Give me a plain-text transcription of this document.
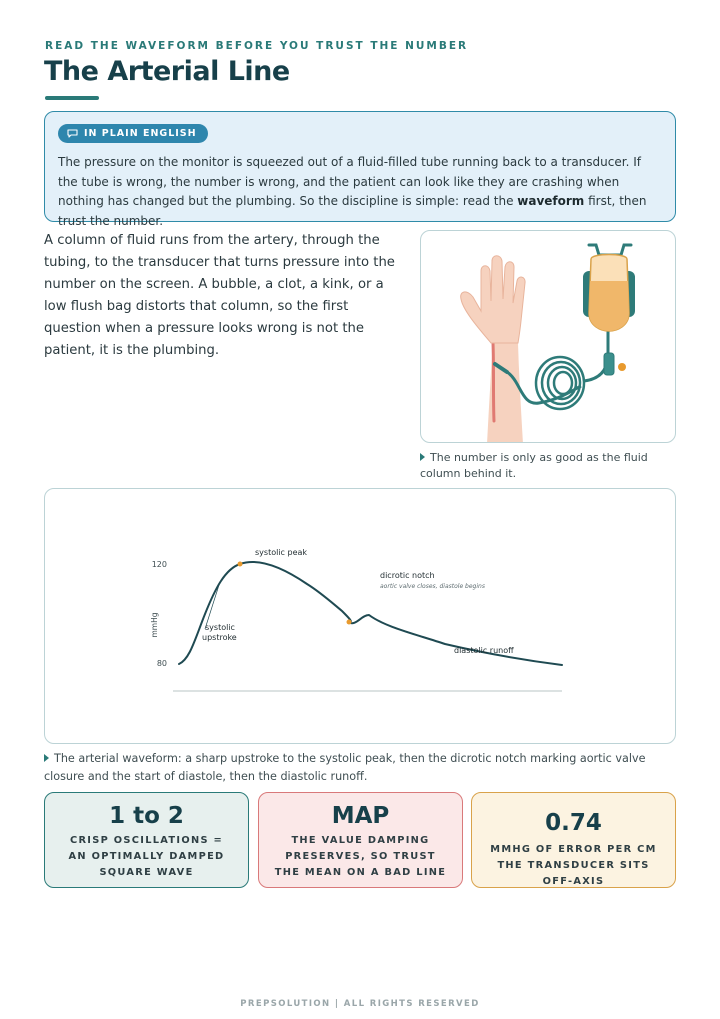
READ THE WAVEFORM BEFORE YOU TRUST THE NUMBER
The Arterial Line
IN PLAIN ENGLISH

The pressure on the monitor is squeezed out of a fluid-filled tube running back to a transducer. If the tube is wrong, the number is wrong, and the patient can look like they are crashing when nothing has changed but the plumbing. So the discipline is simple: read the waveform first, then trust the number.

A column of fluid runs from the artery, through the tubing, to the transducer that turns pressure into the number on the screen. A bubble, a clot, a kink, or a low flush bag distorts that column, so the first question when a pressure looks wrong is not the patient, it is the plumbing.

The number is only as good as the fluid column behind it.

120
80
mmHg
systolic peak
systolic
upstroke
dicrotic notch
aortic valve closes, diastole begins
diastolic runoff

The arterial waveform: a sharp upstroke to the systolic peak, then the dicrotic notch marking aortic valve closure and the start of diastole, then the diastolic runoff.

1 to 2
CRISP OSCILLATIONS = AN OPTIMALLY DAMPED SQUARE WAVE
MAP
THE VALUE DAMPING PRESERVES, SO TRUST THE MEAN ON A BAD LINE
0.74
MMHG OF ERROR PER CM THE TRANSDUCER SITS OFF-AXIS
PREPSOLUTION | ALL RIGHTS RESERVED
